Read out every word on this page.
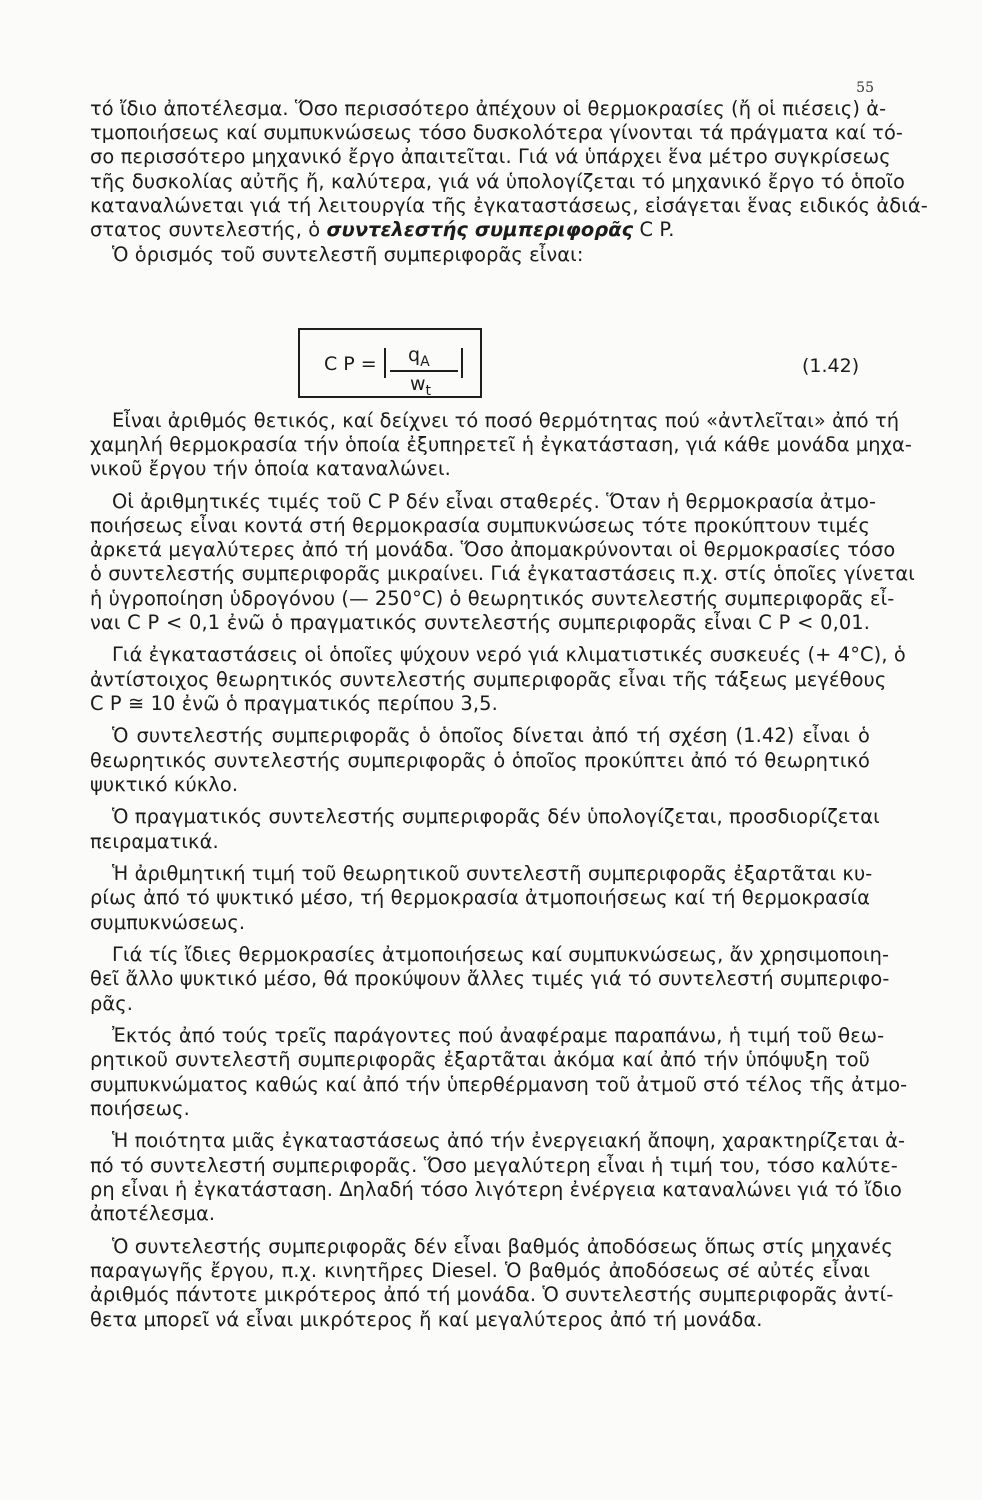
55
τό ἴδιο ἀποτέλεσμα. Ὅσο περισσότερο ἀπέχουν οἱ θερμοκρασίες (ἤ οἱ πιέσεις) ἀ-
τμοποιήσεως καί συμπυκνώσεως τόσο δυσκολότερα γίνονται τά πράγματα καί τό-
σο περισσότερο μηχανικό ἔργο ἀπαιτεῖται. Γιά νά ὑπάρχει ἕνα μέτρο συγκρίσεως
τῆς δυσκολίας αὐτῆς ἤ, καλύτερα, γιά νά ὑπολογίζεται τό μηχανικό ἔργο τό ὁποῖο
καταναλώνεται γιά τή λειτουργία τῆς ἐγκαταστάσεως, εἰσάγεται ἕνας ειδικός ἀδιά-
στατος συντελεστής, ὁ συντελεστής συμπεριφορᾶς C P.
Ὁ ὁρισμός τοῦ συντελεστῆ συμπεριφορᾶς εἶναι:
C $P = q_A$
$w_t$
(1.42)
Εἶναι ἀριθμός θετικός, καί δείχνει τό ποσό θερμότητας πού «ἀντλεῖται» ἀπό τή
χαμηλή θερμοκρασία τήν ὁποία ἐξυπηρετεῖ ἡ ἐγκατάσταση, γιά κάθε μονάδα μηχα-
νικοῦ ἔργου τήν ὁποία καταναλώνει.
Οἱ ἀριθμητικές τιμές τοῦ C P δέν εἶναι σταθερές. Ὅταν ἡ θερμοκρασία ἀτμο-
ποιήσεως εἶναι κοντά στή θερμοκρασία συμπυκνώσεως τότε προκύπτουν τιμές
ἀρκετά μεγαλύτερες ἀπό τή μονάδα. Ὅσο ἀπομακρύνονται οἱ θερμοκρασίες τόσο
ὁ συντελεστής συμπεριφορᾶς μικραίνει. Γιά ἐγκαταστάσεις π.χ. στίς ὁποῖες γίνεται
ἡ ὑγροποίηση ὑδρογόνου (— 250°C) ὁ θεωρητικός συντελεστής συμπεριφορᾶς εἶ-
ναι C P < 0,1 ἐνῶ ὁ πραγματικός συντελεστής συμπεριφορᾶς εἶναι C P < 0,01.
Γιά ἐγκαταστάσεις οἱ ὁποῖες ψύχουν νερό γιά κλιματιστικές συσκευές (+ 4°C), ὁ
ἀντίστοιχος θεωρητικός συντελεστής συμπεριφορᾶς εἶναι τῆς τάξεως μεγέθους
C P ≅ 10 ἐνῶ ὁ πραγματικός περίπου 3,5.
Ὁ συντελεστής συμπεριφορᾶς ὁ ὁποῖος δίνεται ἀπό τή σχέση (1.42) εἶναι ὁ
θεωρητικός συντελεστής συμπεριφορᾶς ὁ ὁποῖος προκύπτει ἀπό τό θεωρητικό
ψυκτικό κύκλο.
Ὁ πραγματικός συντελεστής συμπεριφορᾶς δέν ὑπολογίζεται, προσδιορίζεται
πειραματικά.
Ἡ ἀριθμητική τιμή τοῦ θεωρητικοῦ συντελεστῆ συμπεριφορᾶς ἐξαρτᾶται κυ-
ρίως ἀπό τό ψυκτικό μέσο, τή θερμοκρασία ἀτμοποιήσεως καί τή θερμοκρασία
συμπυκνώσεως.
Γιά τίς ἴδιες θερμοκρασίες ἀτμοποιήσεως καί συμπυκνώσεως, ἄν χρησιμοποιη-
θεῖ ἄλλο ψυκτικό μέσο, θά προκύψουν ἄλλες τιμές γιά τό συντελεστή συμπεριφο-
ρᾶς.
Ἐκτός ἀπό τούς τρεῖς παράγοντες πού ἀναφέραμε παραπάνω, ἡ τιμή τοῦ θεω-
ρητικοῦ συντελεστῆ συμπεριφορᾶς ἐξαρτᾶται ἀκόμα καί ἀπό τήν ὑπόψυξη τοῦ
συμπυκνώματος καθώς καί ἀπό τήν ὑπερθέρμανση τοῦ ἀτμοῦ στό τέλος τῆς ἀτμο-
ποιήσεως.
Ἡ ποιότητα μιᾶς ἐγκαταστάσεως ἀπό τήν ἐνεργειακή ἄποψη, χαρακτηρίζεται ἀ-
πό τό συντελεστή συμπεριφορᾶς. Ὅσο μεγαλύτερη εἶναι ἡ τιμή του, τόσο καλύτε-
ρη εἶναι ἡ ἐγκατάσταση. Δηλαδή τόσο λιγότερη ἐνέργεια καταναλώνει γιά τό ἴδιο
ἀποτέλεσμα.
Ὁ συντελεστής συμπεριφορᾶς δέν εἶναι βαθμός ἀποδόσεως ὅπως στίς μηχανές
παραγωγῆς ἔργου, π.χ. κινητῆρες Diesel. Ὁ βαθμός ἀποδόσεως σέ αὐτές εἶναι
ἀριθμός πάντοτε μικρότερος ἀπό τή μονάδα. Ὁ συντελεστής συμπεριφορᾶς ἀντί-
θετα μπορεῖ νά εἶναι μικρότερος ἤ καί μεγαλύτερος ἀπό τή μονάδα.
